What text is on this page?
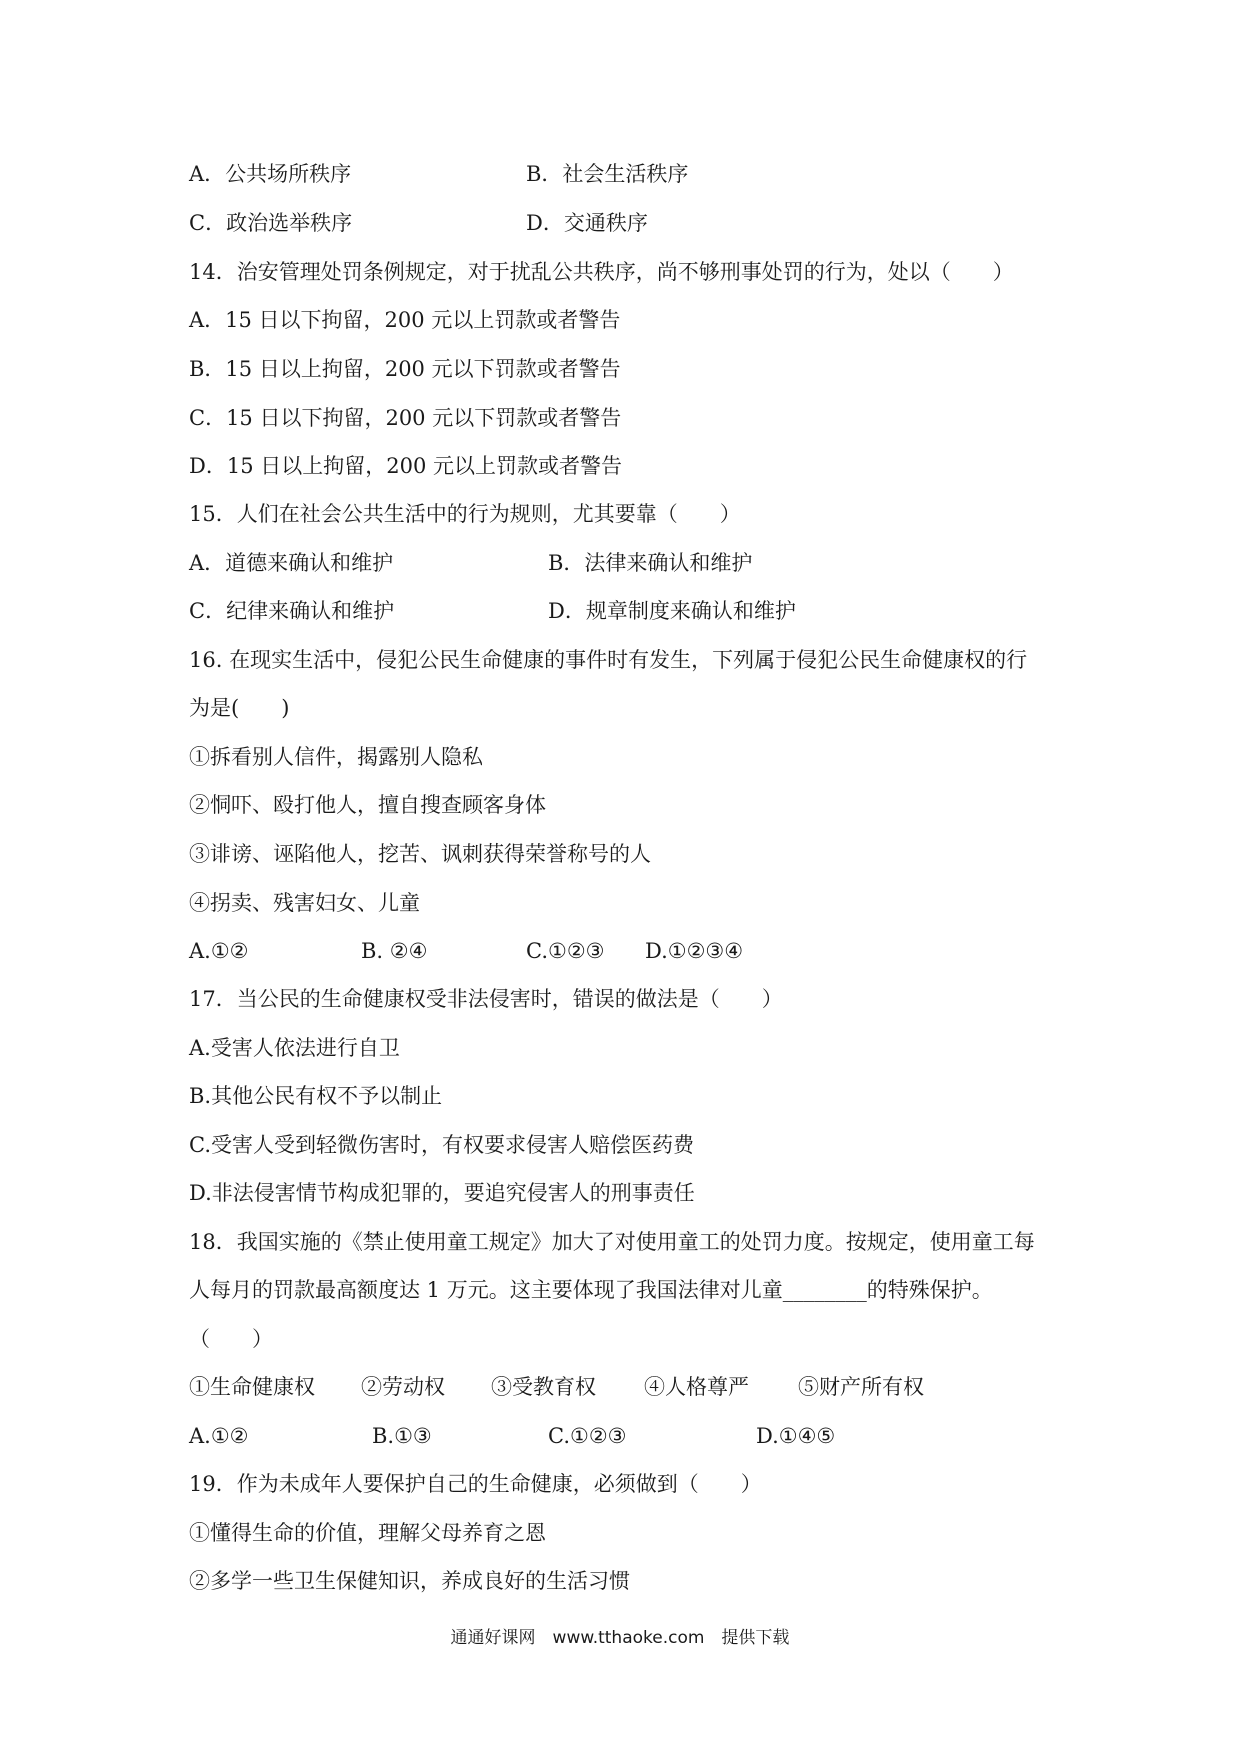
A．公共场所秩序	B．社会生活秩序
C．政治选举秩序	D．交通秩序
14．治安管理处罚条例规定，对于扰乱公共秩序，尚不够刑事处罚的行为，处以（　　）
A．15 日以下拘留，200 元以上罚款或者警告
B．15 日以上拘留，200 元以下罚款或者警告
C．15 日以下拘留，200 元以下罚款或者警告
D．15 日以上拘留，200 元以上罚款或者警告
15．人们在社会公共生活中的行为规则，尤其要靠（　　）
A．道德来确认和维护	B．法律来确认和维护
C．纪律来确认和维护	D．规章制度来确认和维护
16. 在现实生活中，侵犯公民生命健康的事件时有发生，下列属于侵犯公民生命健康权的行
为是(　　)
①拆看别人信件，揭露别人隐私
②恫吓、殴打他人，擅自搜查顾客身体
③诽谤、诬陷他人，挖苦、讽刺获得荣誉称号的人
④拐卖、残害妇女、儿童
A.①②	B. ②④	C.①②③ D.①②③④
17．当公民的生命健康权受非法侵害时，错误的做法是（　　）
A.受害人依法进行自卫
B.其他公民有权不予以制止
C.受害人受到轻微伤害时，有权要求侵害人赔偿医药费
D.非法侵害情节构成犯罪的，要追究侵害人的刑事责任
18．我国实施的《禁止使用童工规定》加大了对使用童工的处罚力度。按规定，使用童工每
人每月的罚款最高额度达 1 万元。这主要体现了我国法律对儿童________的特殊保护。
（　　）
①生命健康权 ②劳动权 ③受教育权 ④人格尊严 ⑤财产所有权
A.①②	B.①③	C.①②③	D.①④⑤
19．作为未成年人要保护自己的生命健康，必须做到（　　）
①懂得生命的价值，理解父母养育之恩
②多学一些卫生保健知识，养成良好的生活习惯
通通好课网　www.tthaoke.com　提供下载
